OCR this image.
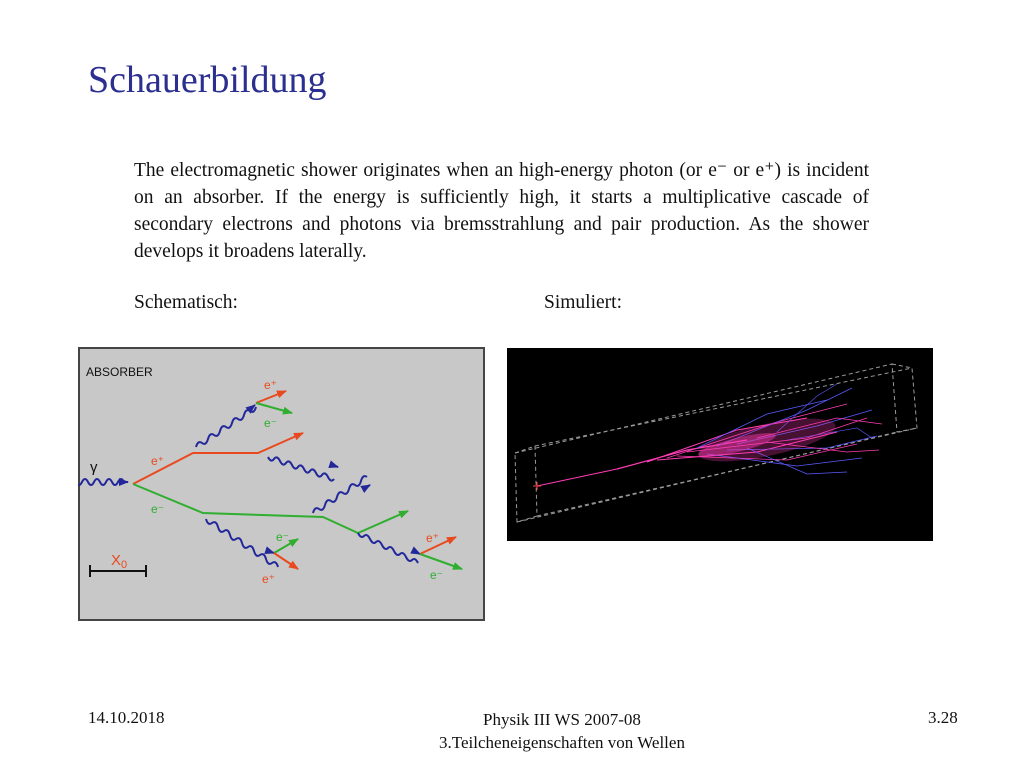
Schauerbildung
The electromagnetic shower originates when an high-energy photon (or e⁻ or e⁺) is incident on an absorber. If the energy is sufficiently high, it starts a multiplicative cascade of secondary electrons and photons via bremsstrahlung and pair production. As the shower develops it broadens laterally.
Schematisch:	Simuliert:
ABSORBER
γ	e⁺
e⁻
e⁺
e⁻
e⁻
e⁺
e⁺
e⁻
$X_0$
14.10.2018	Physik III WS 2007-08
3.Teilcheneigenschaften von Wellen
3.28
